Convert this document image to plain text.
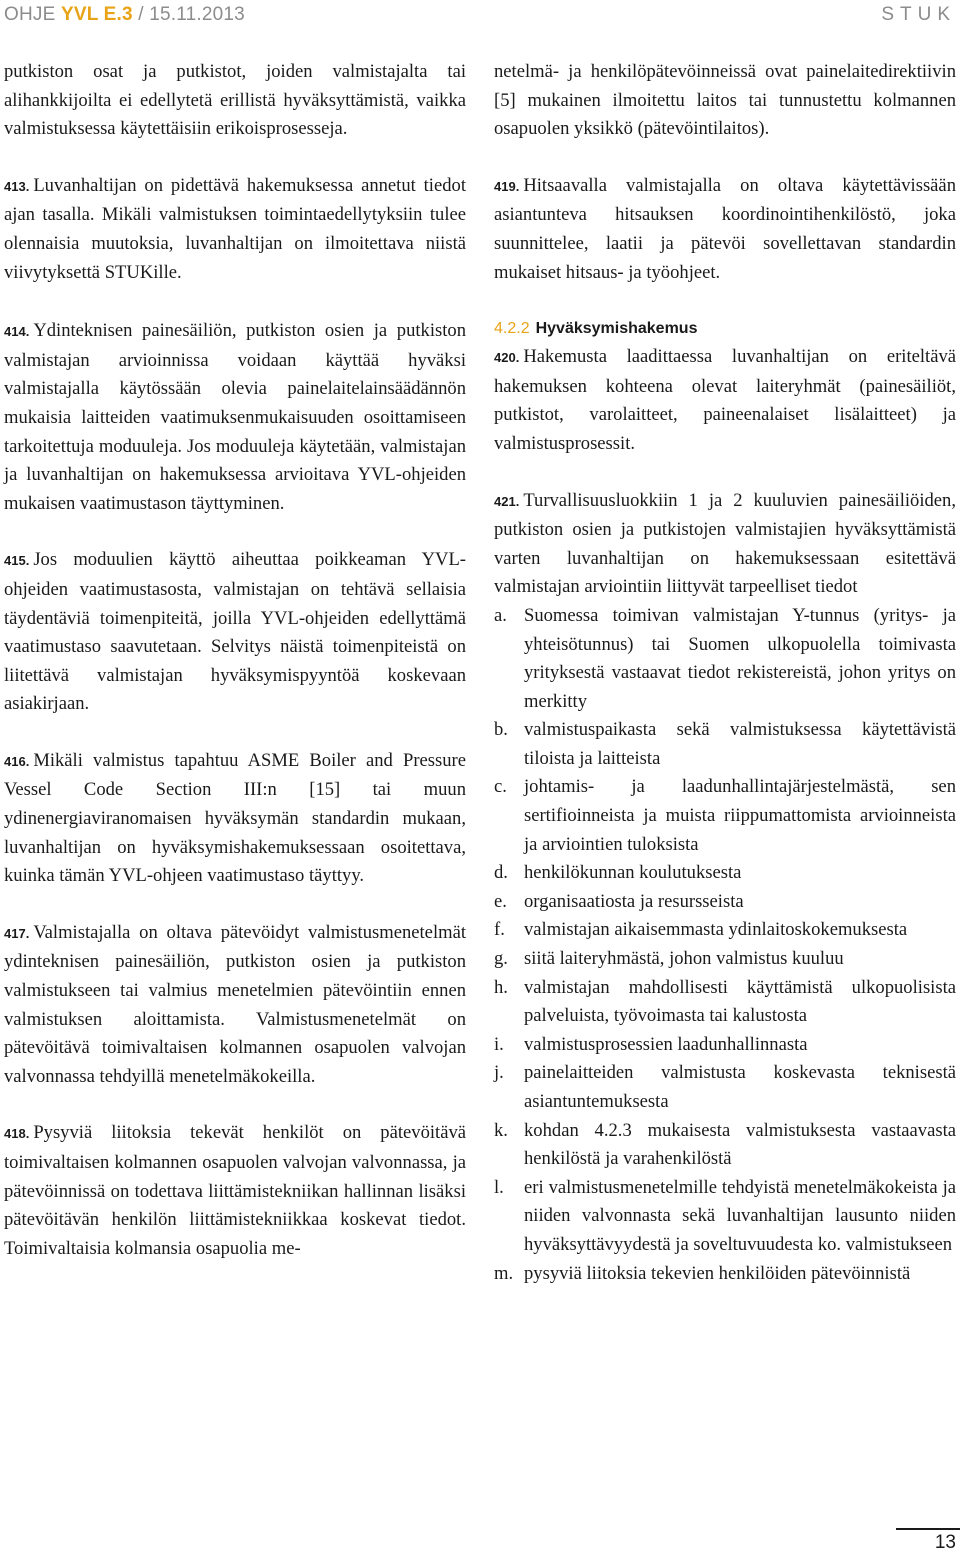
OHJE YVL E.3 / 15.11.2013	STUK

putkiston osat ja putkistot, joiden valmistajalta tai alihankkijoilta ei edellytetä erillistä hyväksyttämistä, vaikka valmistuksessa käytettäisiin erikoisprosesseja.

413. Luvanhaltijan on pidettävä hakemuksessa annetut tiedot ajan tasalla. Mikäli valmistuksen toimintaedellytyksiin tulee olennaisia muutoksia, luvanhaltijan on ilmoitettava niistä viivytyksettä STUKille.

414. Ydinteknisen painesäiliön, putkiston osien ja putkiston valmistajan arvioinnissa voidaan käyttää hyväksi valmistajalla käytössään olevia painelaitelainsäädännön mukaisia laitteiden vaatimuksenmukaisuuden osoittamiseen tarkoitettuja moduuleja. Jos moduuleja käytetään, valmistajan ja luvanhaltijan on hakemuksessa arvioitava YVL-ohjeiden mukaisen vaatimustason täyttyminen.

415. Jos moduulien käyttö aiheuttaa poikkeaman YVL-ohjeiden vaatimustasosta, valmistajan on tehtävä sellaisia täydentäviä toimenpiteitä, joilla YVL-ohjeiden edellyttämä vaatimustaso saavutetaan. Selvitys näistä toimenpiteistä on liitettävä valmistajan hyväksymispyyntöä koskevaan asiakirjaan.

416. Mikäli valmistus tapahtuu ASME Boiler and Pressure Vessel Code Section III:n [15] tai muun ydinenergiaviranomaisen hyväksymän standardin mukaan, luvanhaltijan on hyväksymishakemuksessaan osoitettava, kuinka tämän YVL-ohjeen vaatimustaso täyttyy.

417. Valmistajalla on oltava pätevöidyt valmistusmenetelmät ydinteknisen painesäiliön, putkiston osien ja putkiston valmistukseen tai valmius menetelmien pätevöintiin ennen valmistuksen aloittamista. Valmistusmenetelmät on pätevöitävä toimivaltaisen kolmannen osapuolen valvojan valvonnassa tehdyillä menetelmäkokeilla.

418. Pysyviä liitoksia tekevät henkilöt on pätevöitävä toimivaltaisen kolmannen osapuolen valvojan valvonnassa, ja pätevöinnissä on todettava liittämistekniikan hallinnan lisäksi pätevöitävän henkilön liittämistekniikkaa koskevat tiedot. Toimivaltaisia kolmansia osapuolia me-

netelmä- ja henkilöpätevöinneissä ovat painelaitedirektiivin [5] mukainen ilmoitettu laitos tai tunnustettu kolmannen osapuolen yksikkö (pätevöintilaitos).

419. Hitsaavalla valmistajalla on oltava käytettävissään asiantunteva hitsauksen koordinointihenkilöstö, joka suunnittelee, laatii ja pätevöi sovellettavan standardin mukaiset hitsaus- ja työohjeet.

4.2.2 Hyväksymishakemus

420. Hakemusta laadittaessa luvanhaltijan on eriteltävä hakemuksen kohteena olevat laiteryhmät (painesäiliöt, putkistot, varolaitteet, paineenalaiset lisälaitteet) ja valmistusprosessit.

421. Turvallisuusluokkiin 1 ja 2 kuuluvien painesäiliöiden, putkiston osien ja putkistojen valmistajien hyväksyttämistä varten luvanhaltijan on hakemuksessaan esitettävä valmistajan arviointiin liittyvät tarpeelliset tiedot

a. Suomessa toimivan valmistajan Y-tunnus (yritys- ja yhteisötunnus) tai Suomen ulkopuolella toimivasta yrityksestä vastaavat tiedot rekistereistä, johon yritys on merkitty
b. valmistuspaikasta sekä valmistuksessa käytettävistä tiloista ja laitteista
c. johtamis- ja laadunhallintajärjestelmästä, sen sertifioinneista ja muista riippumattomista arvioinneista ja arviointien tuloksista
d. henkilökunnan koulutuksesta
e. organisaatiosta ja resursseista
f. valmistajan aikaisemmasta ydinlaitoskokemuksesta
g. siitä laiteryhmästä, johon valmistus kuuluu
h. valmistajan mahdollisesti käyttämistä ulkopuolisista palveluista, työvoimasta tai kalustosta
i. valmistusprosessien laadunhallinnasta
j. painelaitteiden valmistusta koskevasta teknisestä asiantuntemuksesta
k. kohdan 4.2.3 mukaisesta valmistuksesta vastaavasta henkilöstä ja varahenkilöstä
l. eri valmistusmenetelmille tehdyistä menetelmäkokeista ja niiden valvonnasta sekä luvanhaltijan lausunto niiden hyväksyttävyydestä ja soveltuvuudesta ko. valmistukseen
m. pysyviä liitoksia tekevien henkilöiden pätevöinnistä
13
